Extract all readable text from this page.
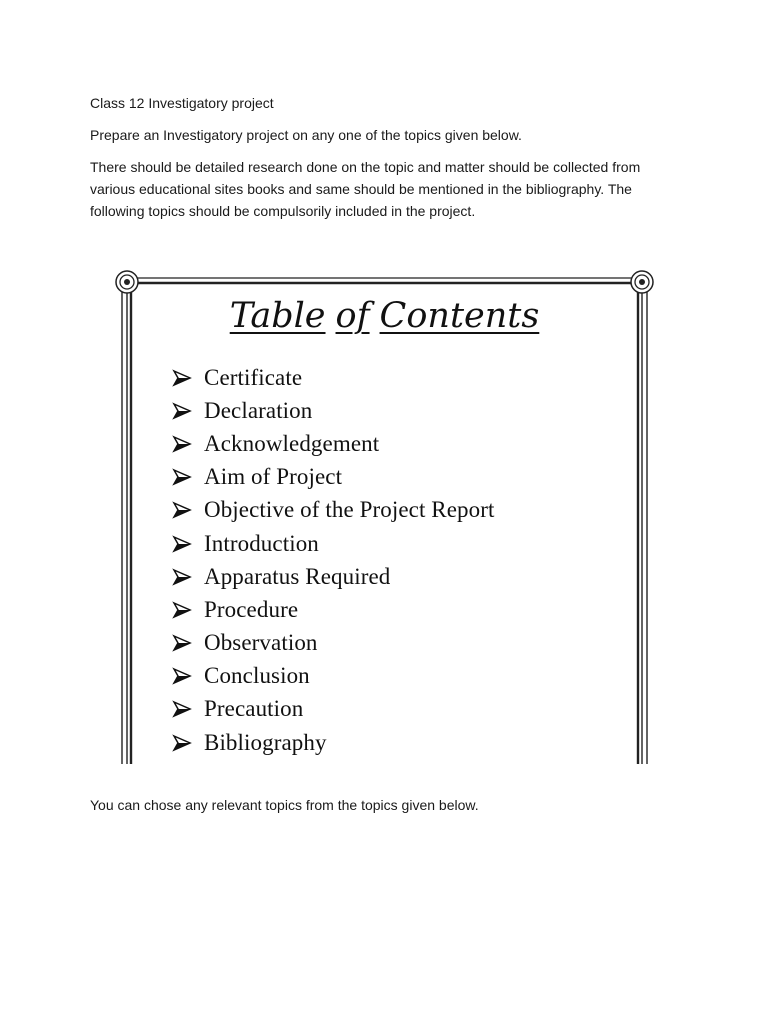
Class 12 Investigatory project

Prepare an Investigatory project on any one of the topics given below.

There should be detailed research done on the topic and matter should be collected from various educational sites books and same should be mentioned in the bibliography. The following topics should be compulsorily included in the project.

Table of Contents
Certificate
Declaration
Acknowledgement
Aim of Project
Objective of the Project Report
Introduction
Apparatus Required
Procedure
Observation
Conclusion
Precaution
Bibliography

You can chose any relevant topics from the topics given below.
